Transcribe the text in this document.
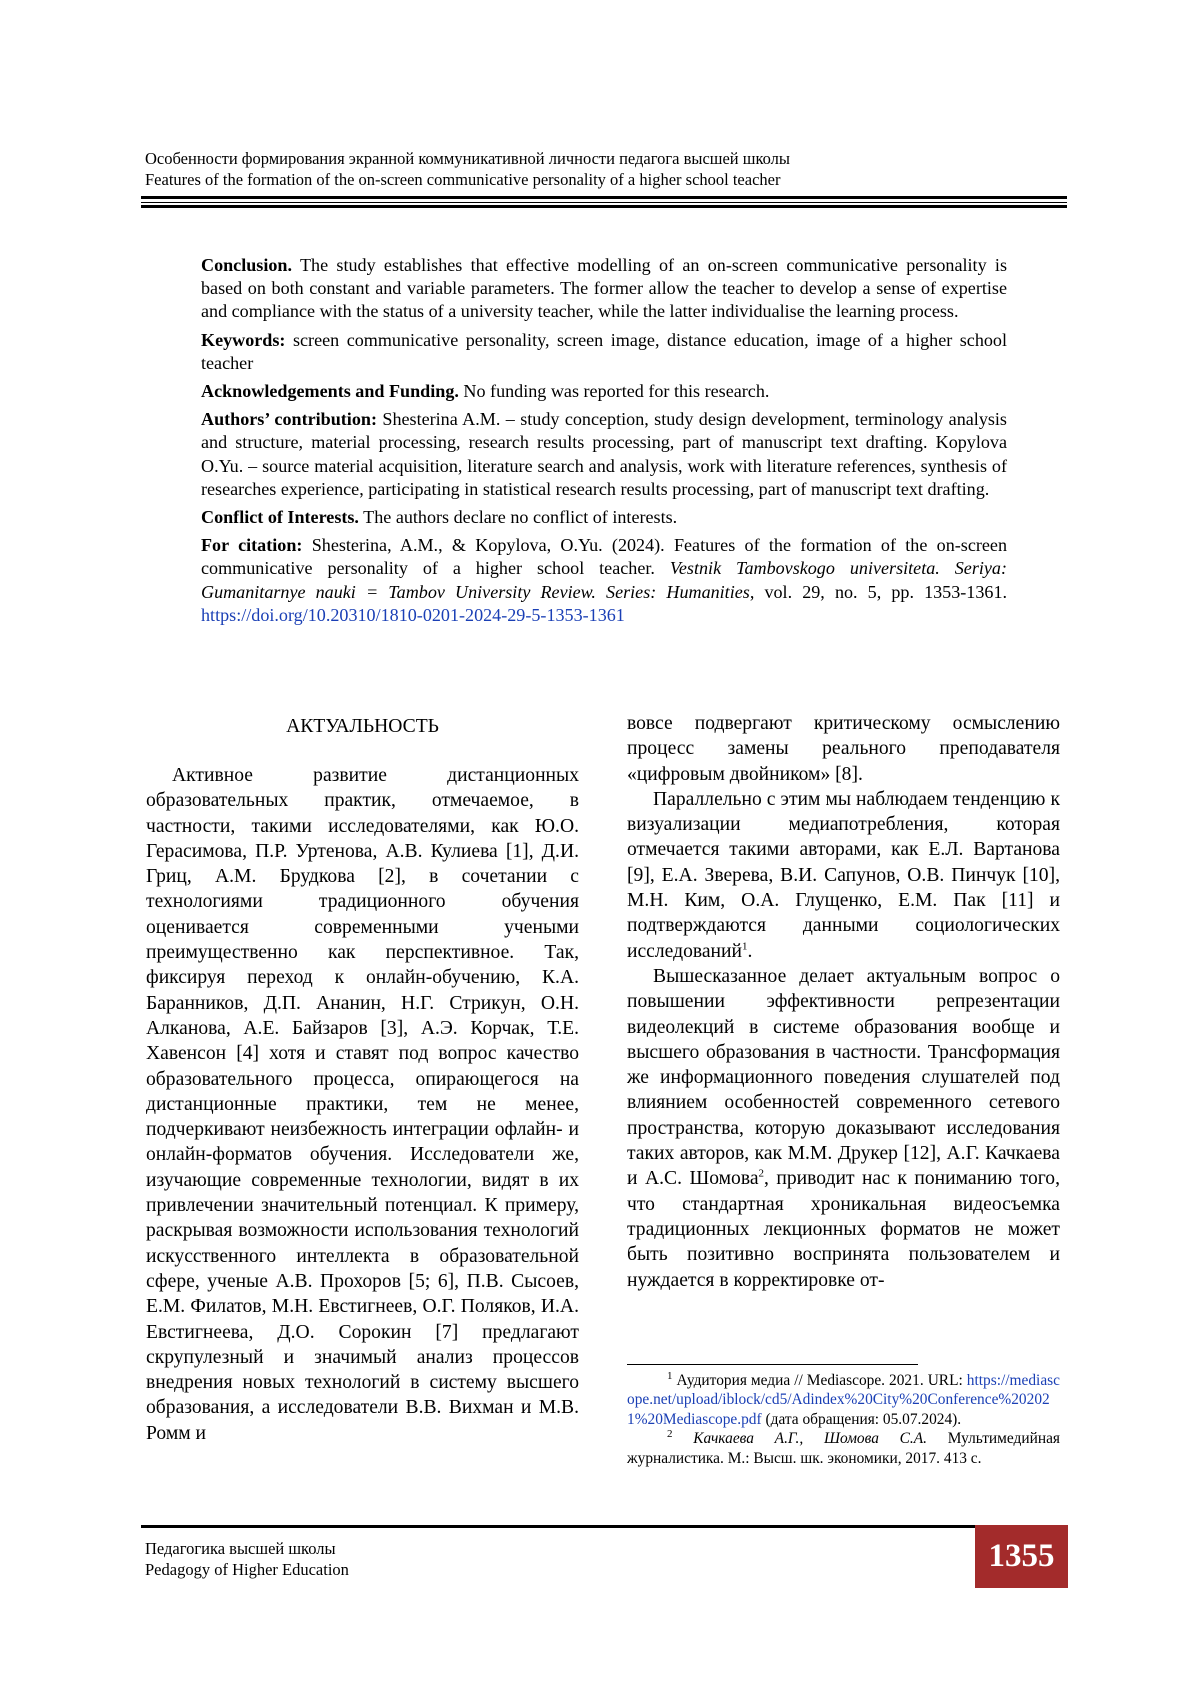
Особенности формирования экранной коммуникативной личности педагога высшей школы
Features of the formation of the on-screen communicative personality of a higher school teacher

Conclusion. The study establishes that effective modelling of an on-screen communicative personality is based on both constant and variable parameters. The former allow the teacher to develop a sense of expertise and compliance with the status of a university teacher, while the latter individualise the learning process.

Keywords: screen communicative personality, screen image, distance education, image of a higher school teacher

Acknowledgements and Funding. No funding was reported for this research.

Authors’ contribution: Shesterina A.M. – study conception, study design development, terminology analysis and structure, material processing, research results processing, part of manuscript text drafting. Kopylova O.Yu. – source material acquisition, literature search and analysis, work with literature references, synthesis of researches experience, participating in statistical research results processing, part of manuscript text drafting.

Conflict of Interests. The authors declare no conflict of interests.

For citation: Shesterina, A.M., & Kopylova, O.Yu. (2024). Features of the formation of the on-screen communicative personality of a higher school teacher. Vestnik Tambovskogo universiteta. Seriya: Gumanitarnye nauki = Tambov University Review. Series: Humanities, vol. 29, no. 5, pp. 1353-1361. https://doi.org/10.20310/1810-0201-2024-29-5-1353-1361

АКТУАЛЬНОСТЬ

Активное развитие дистанционных образовательных практик, отмечаемое, в частности, такими исследователями, как Ю.О. Герасимова, П.Р. Уртенова, А.В. Кулиева [1], Д.И. Гриц, А.М. Брудкова [2], в сочетании с технологиями традиционного обучения оценивается современными учеными преимущественно как перспективное. Так, фиксируя переход к онлайн-обучению, К.А. Баранников, Д.П. Ананин, Н.Г. Стрикун, О.Н. Алканова, А.Е. Байзаров [3], А.Э. Корчак, Т.Е. Хавенсон [4] хотя и ставят под вопрос качество образовательного процесса, опирающегося на дистанционные практики, тем не менее, подчеркивают неизбежность интеграции офлайн- и онлайн-форматов обучения. Исследователи же, изучающие современные технологии, видят в их привлечении значительный потенциал. К примеру, раскрывая возможности использования технологий искусственного интеллекта в образовательной сфере, ученые А.В. Прохоров [5; 6], П.В. Сысоев, Е.М. Филатов, М.Н. Евстигнеев, О.Г. Поляков, И.А. Евстигнеева, Д.О. Сорокин [7] предлагают скрупулезный и значимый анализ процессов внедрения новых технологий в систему высшего образования, а исследователи В.В. Вихман и М.В. Ромм и

вовсе подвергают критическому осмыслению процесс замены реального преподавателя «цифровым двойником» [8].

Параллельно с этим мы наблюдаем тенденцию к визуализации медиапотребления, которая отмечается такими авторами, как Е.Л. Вартанова [9], Е.А. Зверева, В.И. Сапунов, О.В. Пинчук [10], М.Н. Ким, О.А. Глущенко, Е.М. Пак [11] и подтверждаются данными социологических исследований$^1$.

Вышесказанное делает актуальным вопрос о повышении эффективности репрезентации видеолекций в системе образования вообще и высшего образования в частности. Трансформация же информационного поведения слушателей под влиянием особенностей современного сетевого пространства, которую доказывают исследования таких авторов, как М.М. Друкер [12], А.Г. Качкаева и А.С. Шомова$^2$, приводит нас к пониманию того, что стандартная хроникальная видеосъемка традиционных лекционных форматов не может быть позитивно воспринята пользователем и нуждается в корректировке от-

$^1$ Аудитория медиа // Mediascope. 2021. URL: https://mediascope.net/upload/iblock/cd5/Adindex%20City%20Conference%202021%20Mediascope.pdf (дата обращения: 05.07.2024).

$^2$ Качкаева А.Г., Шомова С.А. Мультимедийная журналистика. М.: Высш. шк. экономики, 2017. 413 с.

Педагогика высшей школы
Pedagogy of Higher Education	1355
